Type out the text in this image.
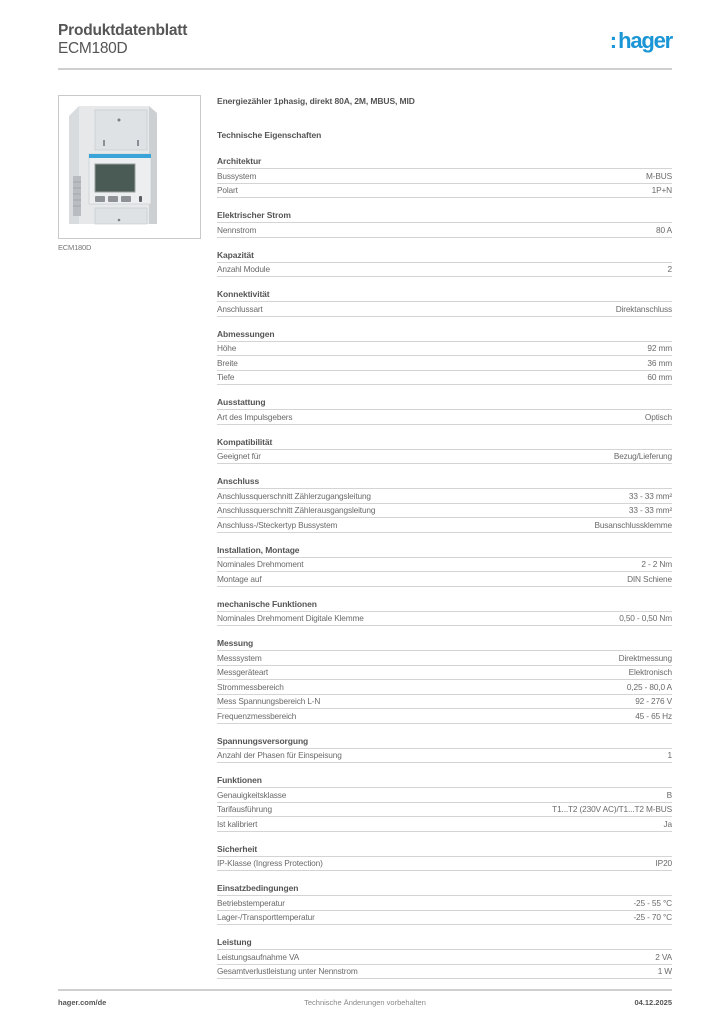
Produktdatenblatt
ECM180D	:hager
ECM180D
Energiezähler 1phasig, direkt 80A, 2M, MBUS, MID
Technische Eigenschaften
Architektur
Bussystem	M-BUS
Polart	1P+N
Elektrischer Strom
Nennstrom	80 A
Kapazität
Anzahl Module	2
Konnektivität
Anschlussart	Direktanschluss
Abmessungen
Höhe	92 mm
Breite	36 mm
Tiefe	60 mm
Ausstattung
Art des Impulsgebers	Optisch
Kompatibilität
Geeignet für	Bezug/Lieferung
Anschluss
Anschlussquerschnitt Zählerzugangsleitung	33 - 33 mm²
Anschlussquerschnitt Zählerausgangsleitung	33 - 33 mm²
Anschluss-/Steckertyp Bussystem	Busanschlussklemme
Installation, Montage
Nominales Drehmoment	2 - 2 Nm
Montage auf	DIN Schiene
mechanische Funktionen
Nominales Drehmoment Digitale Klemme	0,50 - 0,50 Nm
Messung
Messsystem	Direktmessung
Messgeräteart	Elektronisch
Strommessbereich	0,25 - 80,0 A
Mess Spannungsbereich L-N	92 - 276 V
Frequenzmessbereich	45 - 65 Hz
Spannungsversorgung
Anzahl der Phasen für Einspeisung	1
Funktionen
Genauigkeitsklasse	B
Tarifausführung	T1...T2 (230V AC)/T1...T2 M-BUS
Ist kalibriert	Ja
Sicherheit
IP-Klasse (Ingress Protection)	IP20
Einsatzbedingungen
Betriebstemperatur	-25 - 55 °C
Lager-/Transporttemperatur	-25 - 70 °C
Leistung
Leistungsaufnahme VA	2 VA
Gesamtverlustleistung unter Nennstrom	1 W
hager.com/de	Technische Änderungen vorbehalten	04.12.2025
